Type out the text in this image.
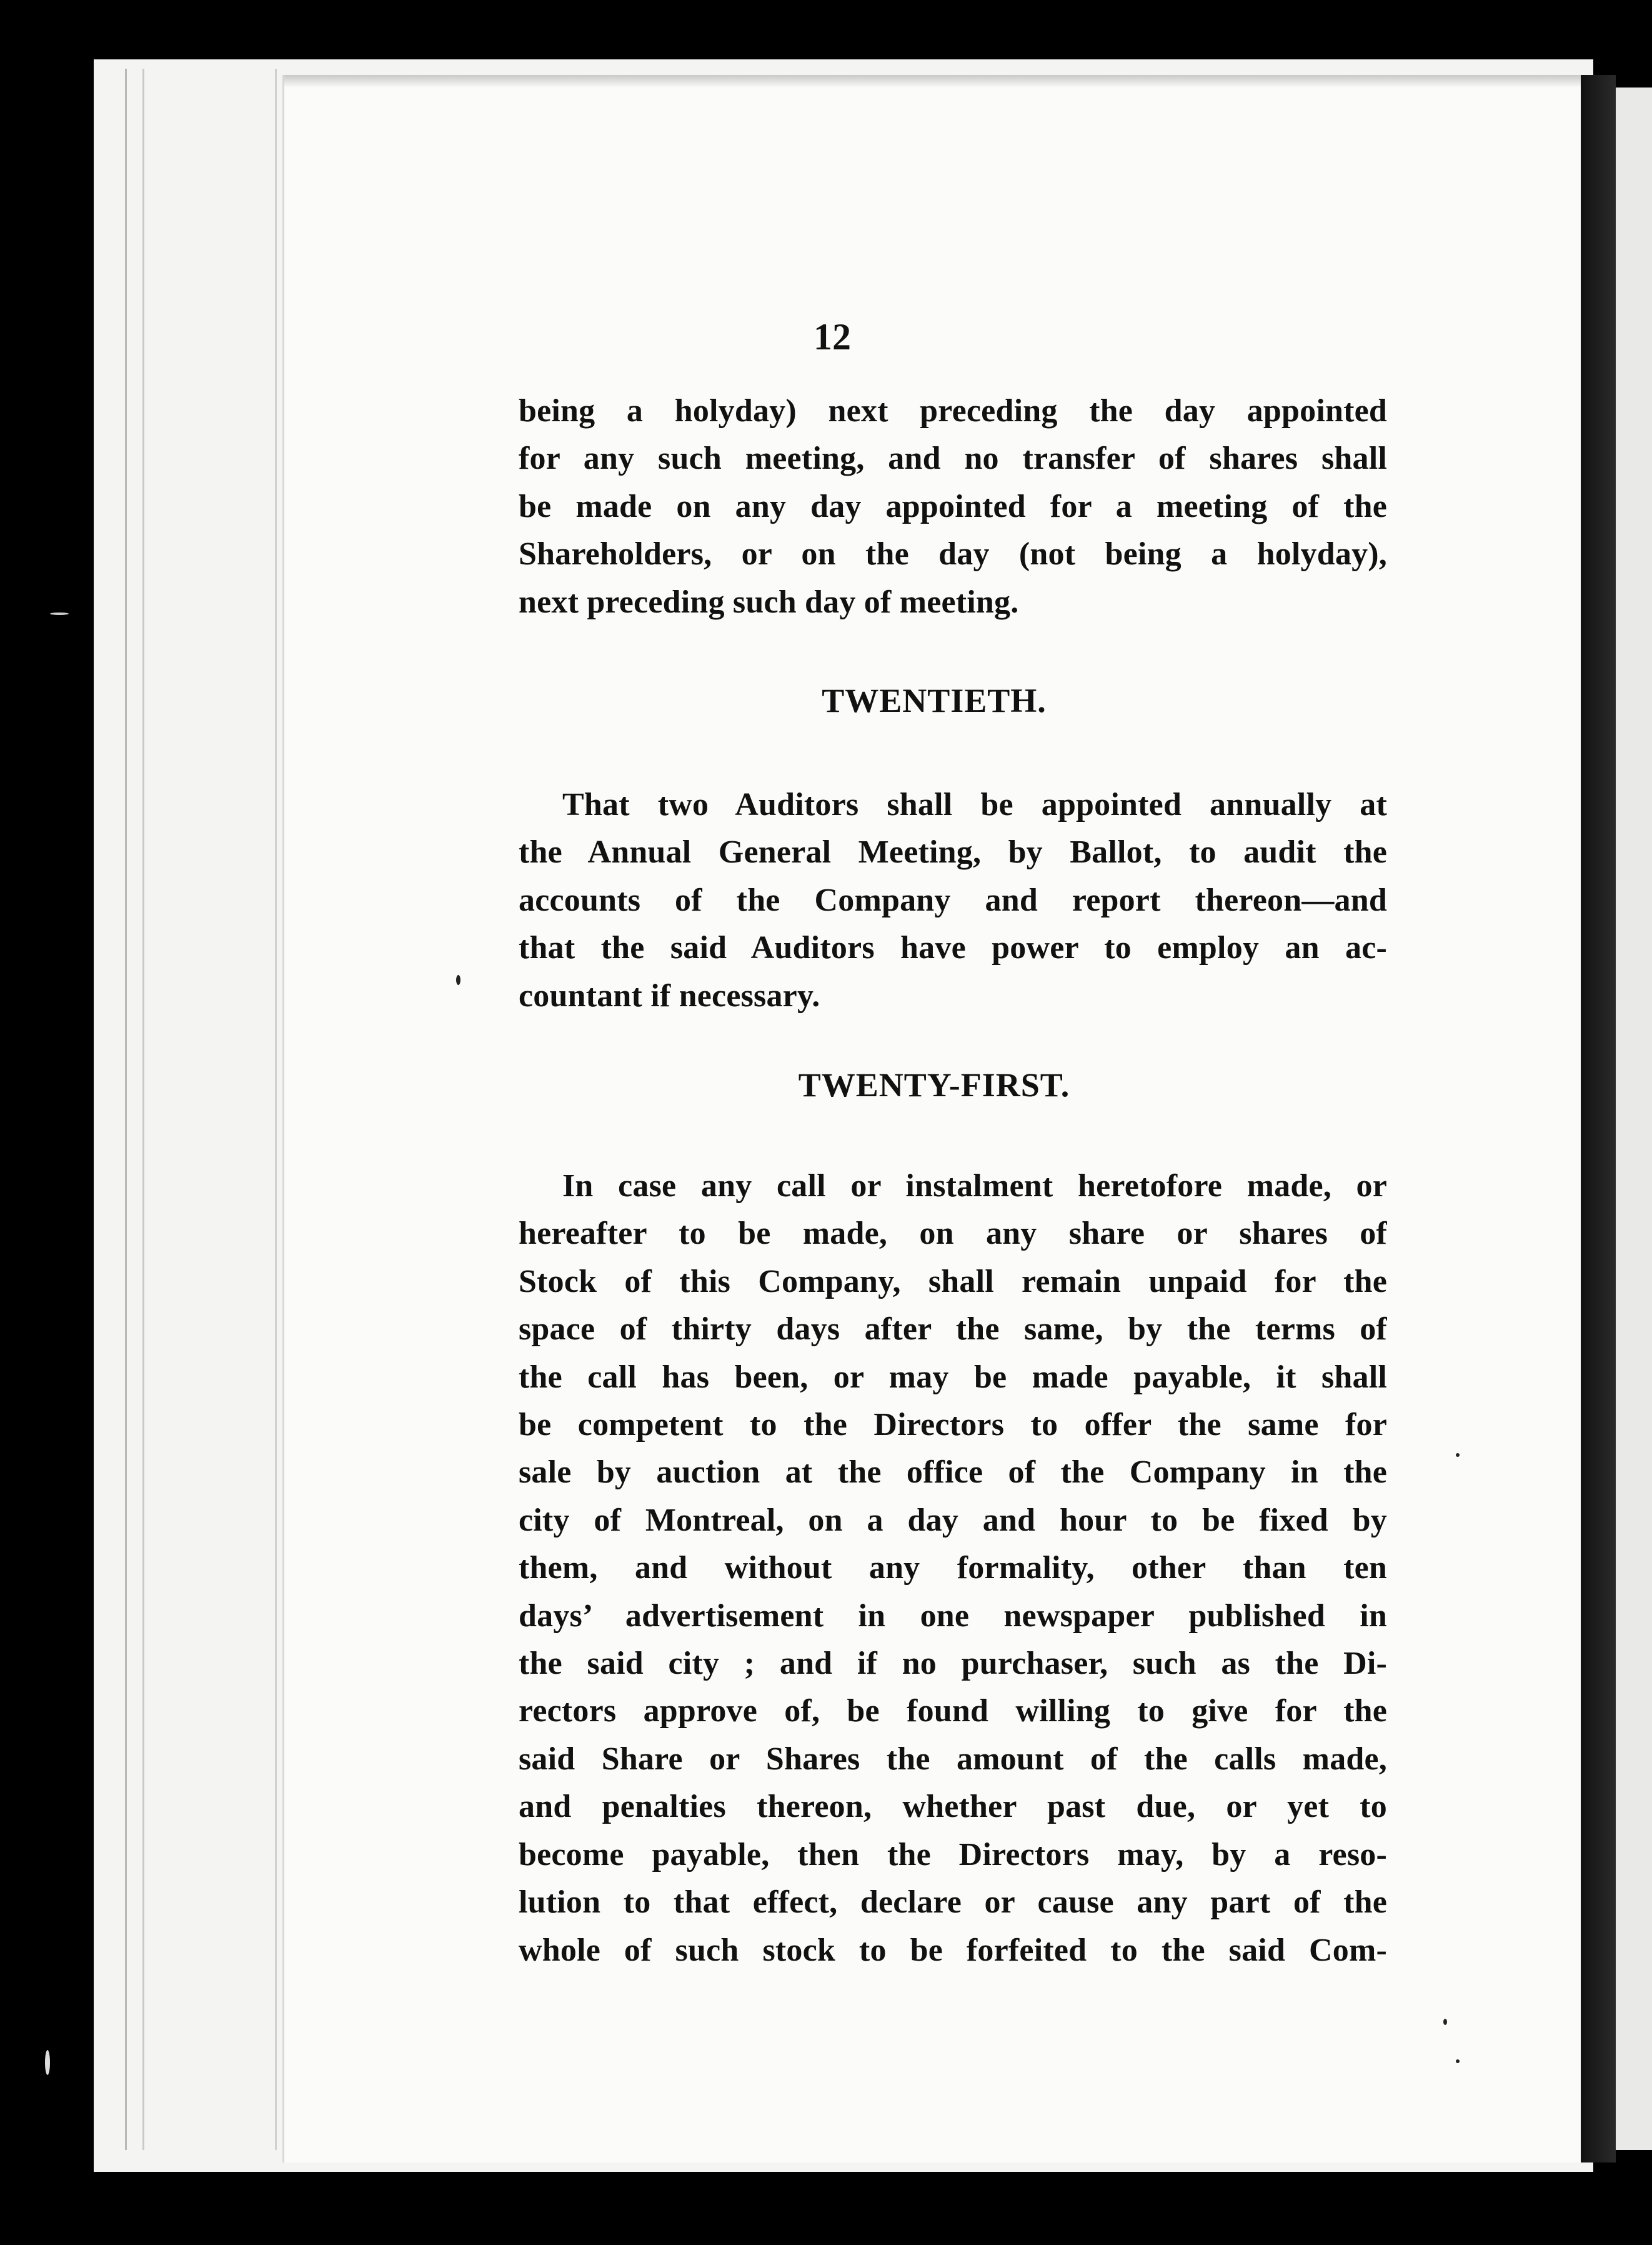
12
being a holyday) next preceding the day appointed
for any such meeting, and no transfer of shares shall
be made on any day appointed for a meeting of the
Shareholders, or on the day (not being a holyday),
next preceding such day of meeting.
TWENTIETH.
That two Auditors shall be appointed annually at
the Annual General Meeting, by Ballot, to audit the
accounts of the Company and report thereon—and
that the said Auditors have power to employ an ac-
countant if necessary.
TWENTY-FIRST.
In case any call or instalment heretofore made, or
hereafter to be made, on any share or shares of
Stock of this Company, shall remain unpaid for the
space of thirty days after the same, by the terms of
the call has been, or may be made payable, it shall
be competent to the Directors to offer the same for
sale by auction at the office of the Company in the
city of Montreal, on a day and hour to be fixed by
them, and without any formality, other than ten
days’ advertisement in one newspaper published in
the said city ; and if no purchaser, such as the Di-
rectors approve of, be found willing to give for the
said Share or Shares the amount of the calls made,
and penalties thereon, whether past due, or yet to
become payable, then the Directors may, by a reso-
lution to that effect, declare or cause any part of the
whole of such stock to be forfeited to the said Com-
